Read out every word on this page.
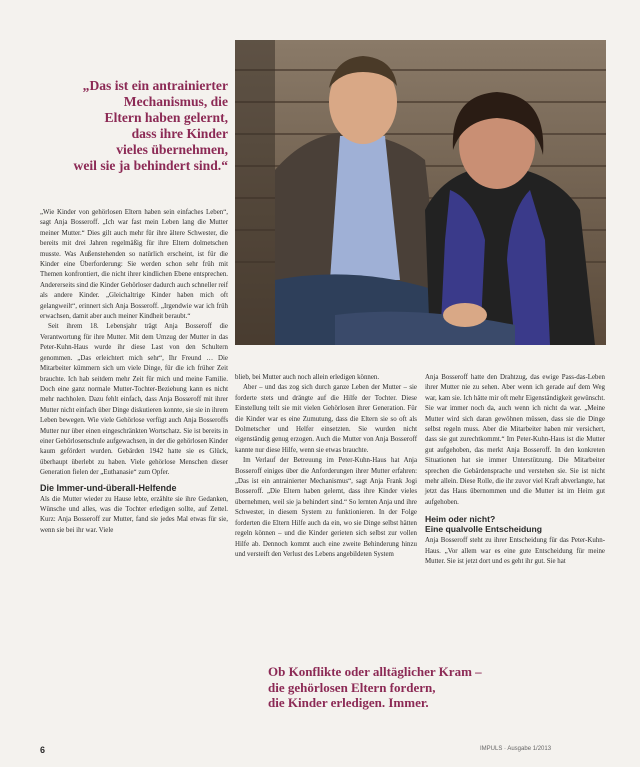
„Das ist ein antrainierter
Mechanismus, die
Eltern haben gelernt,
dass ihre Kinder
vieles übernehmen,
weil sie ja behindert sind.“

„Wie Kinder von gehörlosen Eltern haben sein einfaches Leben“, sagt Anja Bosseroff. „Ich war fast mein Leben lang die Mutter meiner Mutter.“ Dies gilt auch mehr für ihre ältere Schwester, die bereits mit drei Jahren regelmäßig für ihre Eltern dolmetschen musste. Was Außenstehenden so natürlich erscheint, ist für die Kinder eine Überforderung: Sie werden schon sehr früh mit Themen konfrontiert, die nicht ihrer kindlichen Ebene entsprechen. Andererseits sind die Kinder Gehörloser dadurch auch schneller reif als andere Kinder. „Gleichaltrige Kinder haben mich oft gelangweilt“, erinnert sich Anja Bosseroff. „Irgendwie war ich früh erwachsen, damit aber auch meiner Kindheit beraubt.“

Seit ihrem 18. Lebensjahr trägt Anja Bosseroff die Verantwortung für ihre Mutter. Mit dem Umzug der Mutter in das Peter-Kuhn-Haus wurde ihr diese Last von den Schultern genommen. „Das erleichtert mich sehr“, Ihr Freund … Die Mitarbeiter kümmern sich um viele Dinge, für die ich früher Zeit brauchte. Ich hab seitdem mehr Zeit für mich und meine Familie. Doch eine ganz normale Mutter-Tochter-Beziehung kann es nicht mehr nachholen. Dazu fehlt einfach, dass Anja Bosseroff mit ihrer Mutter nicht einfach über Dinge diskutieren konnte, sie sie in ihrem Leben bewegen. Wie viele Gehörlose verfügt auch Anja Bosseroffs Mutter nur über einen eingeschränkten Wortschatz. Sie ist bereits in einer Gehörlosenschule aufgewachsen, in der die gehörlosen Kinder kaum gefördert wurden. Gebärden 1942 hatte sie es Glück, überhaupt überlebt zu haben. Viele gehörlose Menschen dieser Generation fielen der „Euthanasie“ zum Opfer.

Die Immer-und-überall-Helfende

Als die Mutter wieder zu Hause lebte, erzählte sie ihre Gedanken, Wünsche und alles, was die Tochter erledigen sollte, auf Zettel. Kurz: Anja Bosseroff zur Mutter, fand sie jedes Mal etwas für sie, wenn sie bei ihr war. Viele

blieb, bei Mutter auch noch allein erledigen können.

Aber – und das zog sich durch ganze Leben der Mutter – sie forderte stets und drängte auf die Hilfe der Tochter. Diese Einstellung teilt sie mit vielen Gehörlosen ihrer Generation. Für die Kinder war es eine Zumutung, dass die Eltern sie so oft als Dolmetscher und Helfer einsetzten. Sie wurden nicht eigenständig genug erzogen. Auch die Mutter von Anja Bosseroff kannte nur diese Hilfe, wenn sie etwas brauchte.

Im Verlauf der Betreuung im Peter-Kuhn-Haus hat Anja Bosseroff einiges über die Anforderungen ihrer Mutter erfahren: „Das ist ein antrainierter Mechanismus“, sagt Anja Frank Jogi Bosseroff. „Die Eltern haben gelernt, dass ihre Kinder vieles übernehmen, weil sie ja behindert sind.“ So lernten Anja und ihre Schwester, in diesem System zu funktionieren. In der Folge forderten die Eltern Hilfe auch da ein, wo sie Dinge selbst hätten regeln können – und die Kinder gerieten sich selbst zur vollen Hilfe ab. Dennoch kommt auch eine zweite Behinderung hinzu und versteift den Verlust des Lebens angebildeten System

Anja Bosseroff hatte den Drahtzug, das ewige Pass-das-Leben ihrer Mutter nie zu sehen. Aber wenn ich gerade auf dem Weg war, kam sie. Ich hätte mir oft mehr Eigenständigkeit gewünscht. Sie war immer noch da, auch wenn ich nicht da war. „Meine Mutter wird sich daran gewöhnen müssen, dass sie die Dinge selbst regeln muss. Aber die Mitarbeiter haben mir versichert, dass sie gut zurechtkommt.“ Im Peter-Kuhn-Haus ist die Mutter gut aufgehoben, das merkt Anja Bosseroff. In den konkreten Situationen hat sie immer Unterstützung. Die Mitarbeiter sprechen die Gebärdensprache und verstehen sie. Sie ist nicht mehr allein. Diese Rolle, die ihr zuvor viel Kraft abverlangte, hat jetzt das Haus übernommen und die Mutter ist im Heim gut aufgehoben.

Heim oder nicht?
Eine qualvolle Entscheidung

Anja Bosseroff steht zu ihrer Entscheidung für das Peter-Kuhn-Haus. „Vor allem war es eine gute Entscheidung für meine Mutter. Sie ist jetzt dort und es geht ihr gut. Sie hat

Ob Konflikte oder alltäglicher Kram –
die gehörlosen Eltern fordern,
die Kinder erledigen. Immer.

6	IMPULS · Ausgabe 1/2013
